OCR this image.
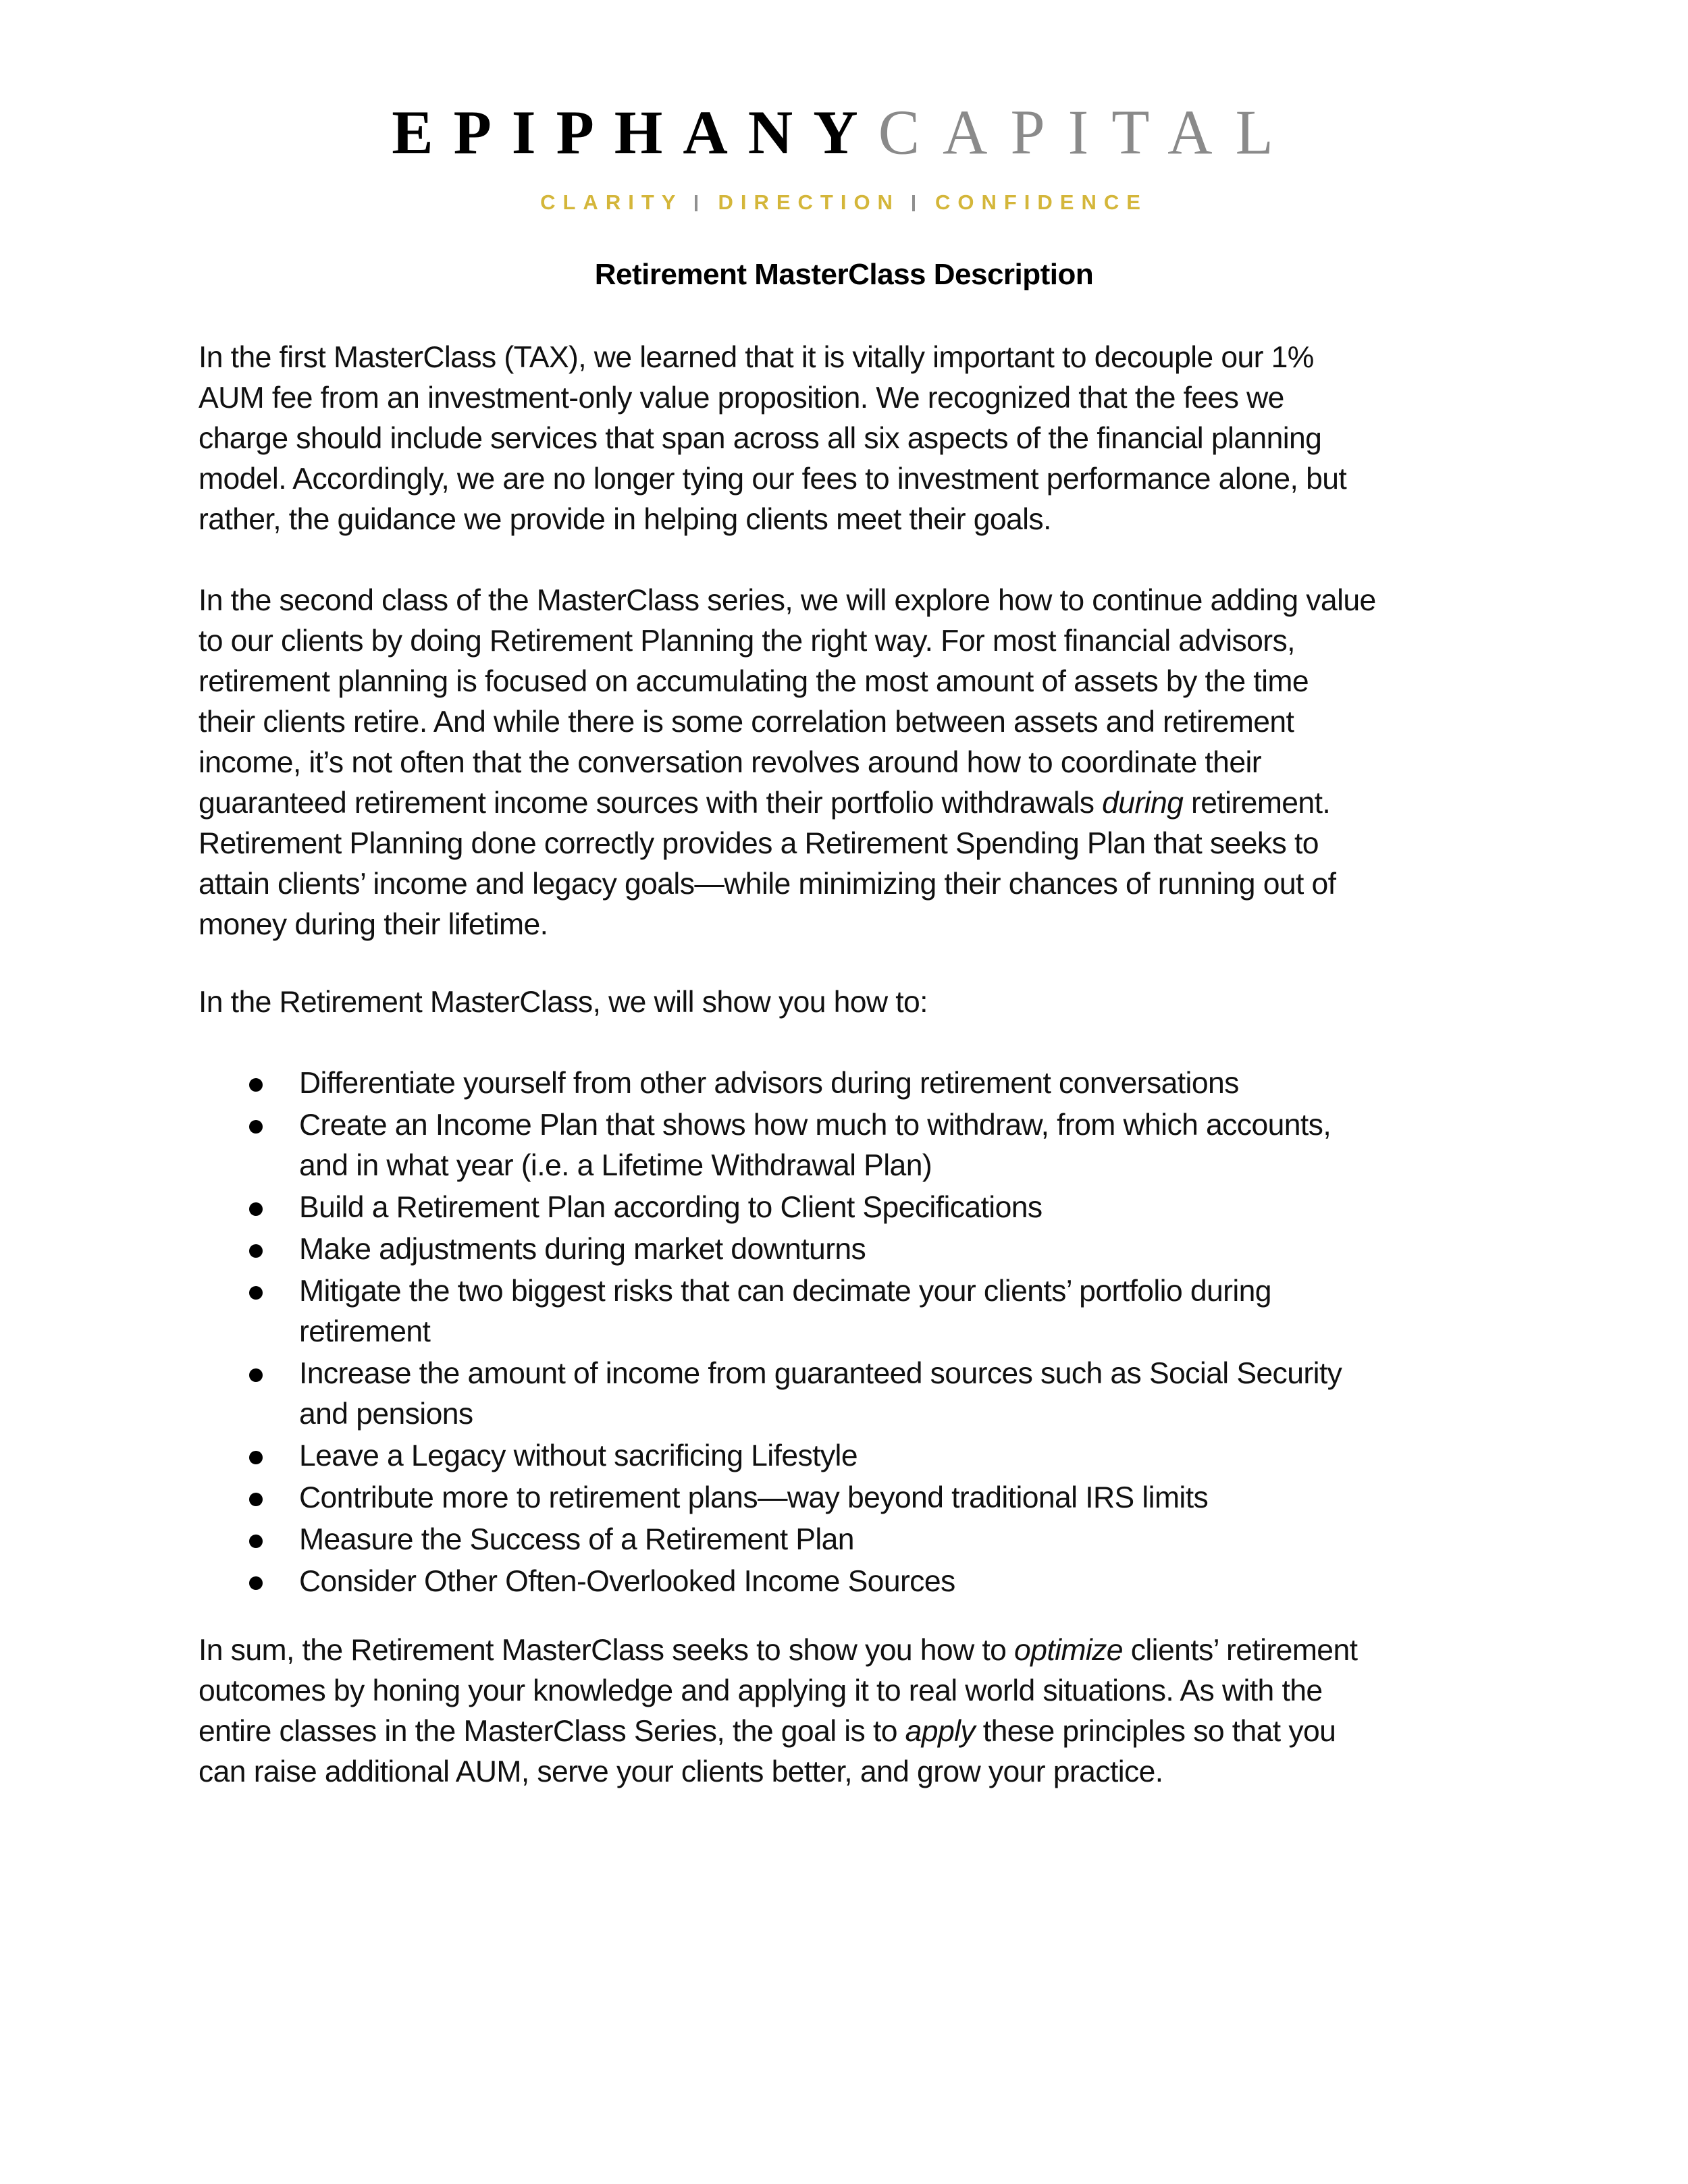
EPIPHANYCAPITAL
CLARITY DIRECTION CONFIDENCE
Retirement MasterClass Description
In the first MasterClass (TAX), we learned that it is vitally important to decouple our 1%
AUM fee from an investment-only value proposition. We recognized that the fees we
charge should include services that span across all six aspects of the financial planning
model. Accordingly, we are no longer tying our fees to investment performance alone, but
rather, the guidance we provide in helping clients meet their goals.
In the second class of the MasterClass series, we will explore how to continue adding value
to our clients by doing Retirement Planning the right way. For most financial advisors,
retirement planning is focused on accumulating the most amount of assets by the time
their clients retire. And while there is some correlation between assets and retirement
income, it’s not often that the conversation revolves around how to coordinate their
guaranteed retirement income sources with their portfolio withdrawals during retirement.
Retirement Planning done correctly provides a Retirement Spending Plan that seeks to
attain clients’ income and legacy goals—while minimizing their chances of running out of
money during their lifetime.
In the Retirement MasterClass, we will show you how to:
Differentiate yourself from other advisors during retirement conversations
Create an Income Plan that shows how much to withdraw, from which accounts,
and in what year (i.e. a Lifetime Withdrawal Plan)
Build a Retirement Plan according to Client Specifications
Make adjustments during market downturns
Mitigate the two biggest risks that can decimate your clients’ portfolio during
retirement
Increase the amount of income from guaranteed sources such as Social Security
and pensions
Leave a Legacy without sacrificing Lifestyle
Contribute more to retirement plans—way beyond traditional IRS limits
Measure the Success of a Retirement Plan
Consider Other Often-Overlooked Income Sources
In sum, the Retirement MasterClass seeks to show you how to optimize clients’ retirement
outcomes by honing your knowledge and applying it to real world situations. As with the
entire classes in the MasterClass Series, the goal is to apply these principles so that you
can raise additional AUM, serve your clients better, and grow your practice.
